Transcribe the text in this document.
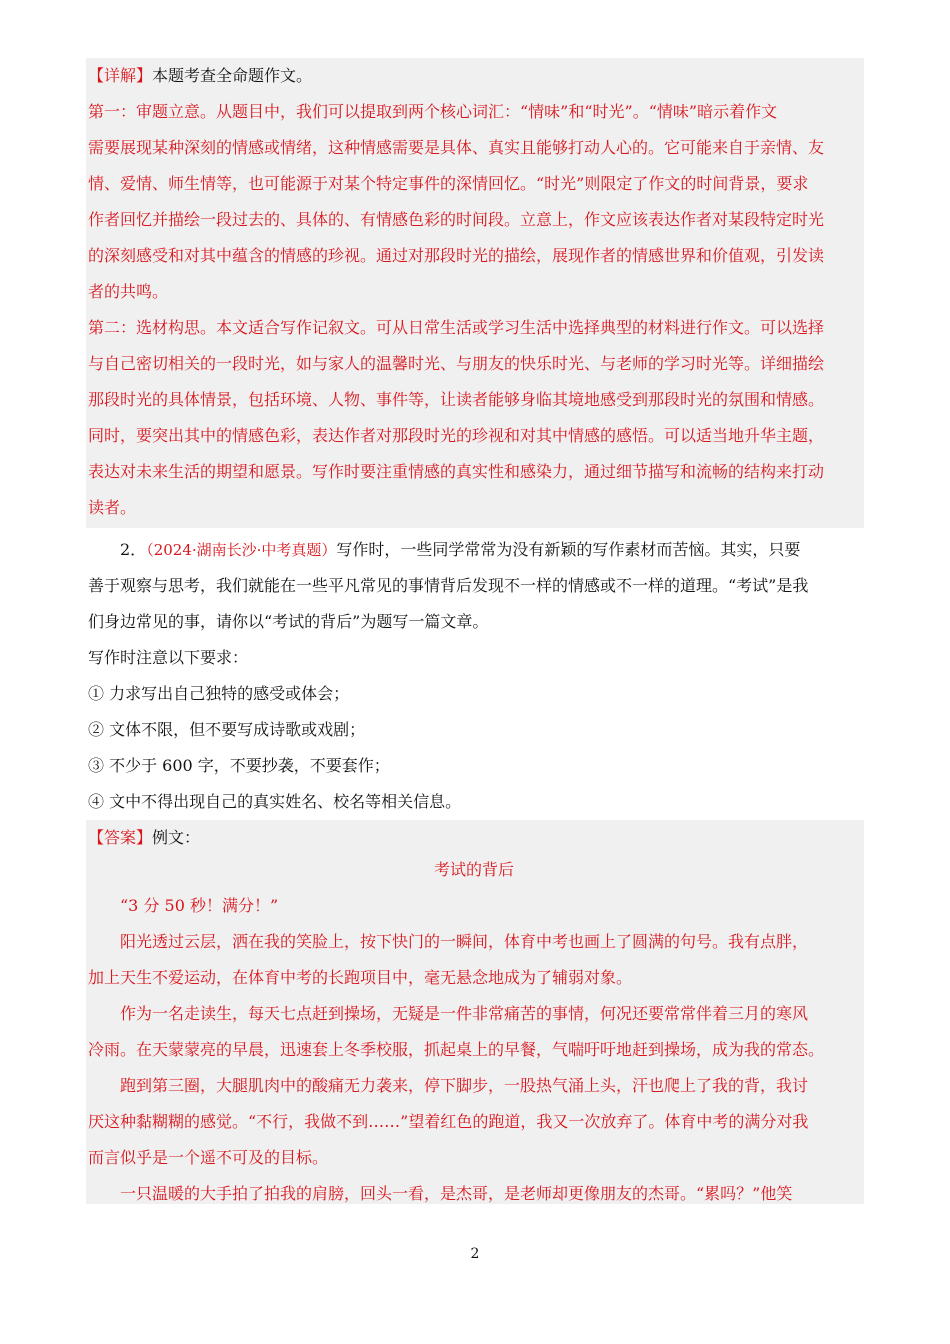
【详解】本题考查全命题作文。
第一：审题立意。从题目中，我们可以提取到两个核心词汇：“情味”和“时光”。“情味”暗示着作文
需要展现某种深刻的情感或情绪，这种情感需要是具体、真实且能够打动人心的。它可能来自于亲情、友
情、爱情、师生情等，也可能源于对某个特定事件的深情回忆。“时光”则限定了作文的时间背景，要求
作者回忆并描绘一段过去的、具体的、有情感色彩的时间段。立意上，作文应该表达作者对某段特定时光
的深刻感受和对其中蕴含的情感的珍视。通过对那段时光的描绘，展现作者的情感世界和价值观，引发读
者的共鸣。
第二：选材构思。本文适合写作记叙文。可从日常生活或学习生活中选择典型的材料进行作文。可以选择
与自己密切相关的一段时光，如与家人的温馨时光、与朋友的快乐时光、与老师的学习时光等。详细描绘
那段时光的具体情景，包括环境、人物、事件等，让读者能够身临其境地感受到那段时光的氛围和情感。
同时，要突出其中的情感色彩，表达作者对那段时光的珍视和对其中情感的感悟。可以适当地升华主题，
表达对未来生活的期望和愿景。写作时要注重情感的真实性和感染力，通过细节描写和流畅的结构来打动
读者。
2．（2024·湖南长沙·中考真题）写作时，一些同学常常为没有新颖的写作素材而苦恼。其实，只要
善于观察与思考，我们就能在一些平凡常见的事情背后发现不一样的情感或不一样的道理。“考试”是我
们身边常见的事，请你以“考试的背后”为题写一篇文章。
写作时注意以下要求：
① 力求写出自己独特的感受或体会；
② 文体不限，但不要写成诗歌或戏剧；
③ 不少于 600 字，不要抄袭，不要套作；
④ 文中不得出现自己的真实姓名、校名等相关信息。
【答案】例文：
考试的背后
“3 分 50 秒！满分！”
阳光透过云层，洒在我的笑脸上，按下快门的一瞬间，体育中考也画上了圆满的句号。我有点胖，
加上天生不爱运动，在体育中考的长跑项目中，毫无悬念地成为了辅弱对象。
作为一名走读生，每天七点赶到操场，无疑是一件非常痛苦的事情，何况还要常常伴着三月的寒风
冷雨。在天蒙蒙亮的早晨，迅速套上冬季校服，抓起桌上的早餐，气喘吁吁地赶到操场，成为我的常态。
跑到第三圈，大腿肌肉中的酸痛无力袭来，停下脚步，一股热气涌上头，汗也爬上了我的背，我讨
厌这种黏糊糊的感觉。“不行，我做不到……”望着红色的跑道，我又一次放弃了。体育中考的满分对我
而言似乎是一个遥不可及的目标。
一只温暖的大手拍了拍我的肩膀，回头一看，是杰哥，是老师却更像朋友的杰哥。“累吗？”他笑
2
